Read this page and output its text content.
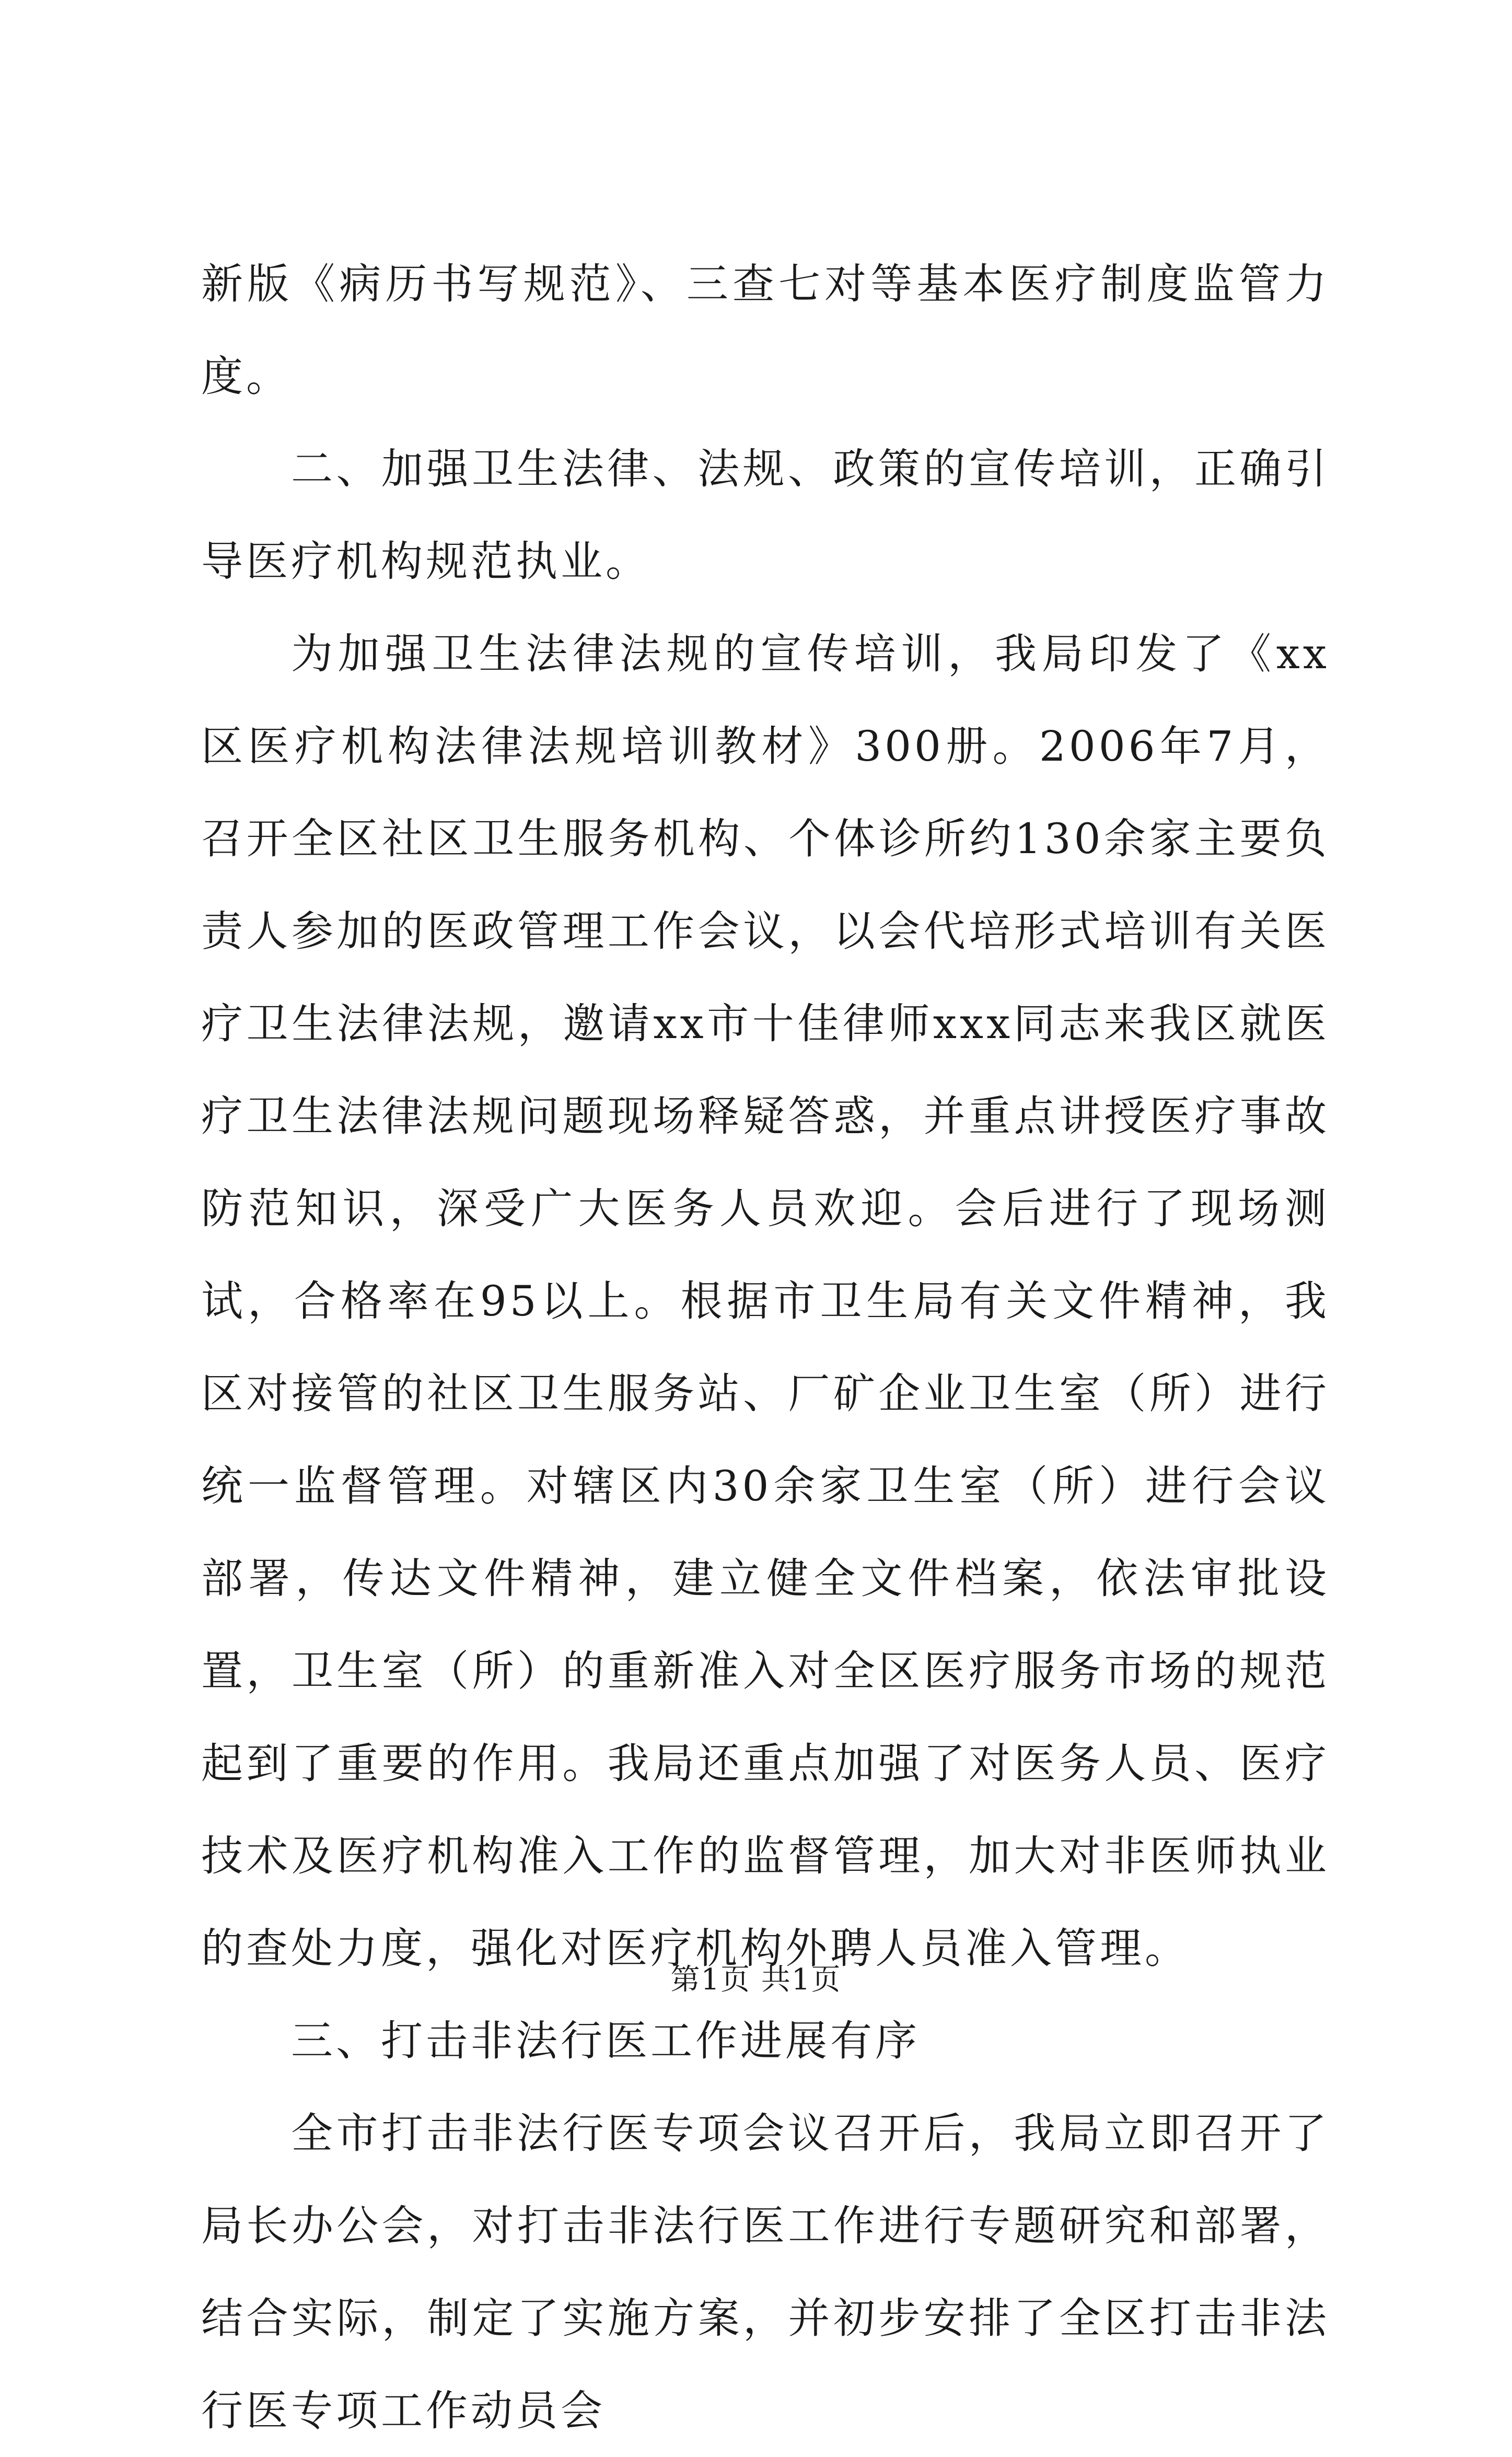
新版《病历书写规范》、三查七对等基本医疗制度监管力度。

二、加强卫生法律、法规、政策的宣传培训，正确引导医疗机构规范执业。

为加强卫生法律法规的宣传培训，我局印发了《xx区医疗机构法律法规培训教材》300册。2006年7月，召开全区社区卫生服务机构、个体诊所约130余家主要负责人参加的医政管理工作会议，以会代培形式培训有关医疗卫生法律法规，邀请xx市十佳律师xxx同志来我区就医疗卫生法律法规问题现场释疑答惑，并重点讲授医疗事故防范知识，深受广大医务人员欢迎。会后进行了现场测试，合格率在95以上。根据市卫生局有关文件精神，我区对接管的社区卫生服务站、厂矿企业卫生室（所）进行统一监督管理。对辖区内30余家卫生室（所）进行会议部署，传达文件精神，建立健全文件档案，依法审批设置，卫生室（所）的重新准入对全区医疗服务市场的规范起到了重要的作用。我局还重点加强了对医务人员、医疗技术及医疗机构准入工作的监督管理，加大对非医师执业的查处力度，强化对医疗机构外聘人员准入管理。

三、打击非法行医工作进展有序

全市打击非法行医专项会议召开后，我局立即召开了局长办公会，对打击非法行医工作进行专题研究和部署，结合实际，制定了实施方案，并初步安排了全区打击非法行医专项工作动员会

第1页 共1页
